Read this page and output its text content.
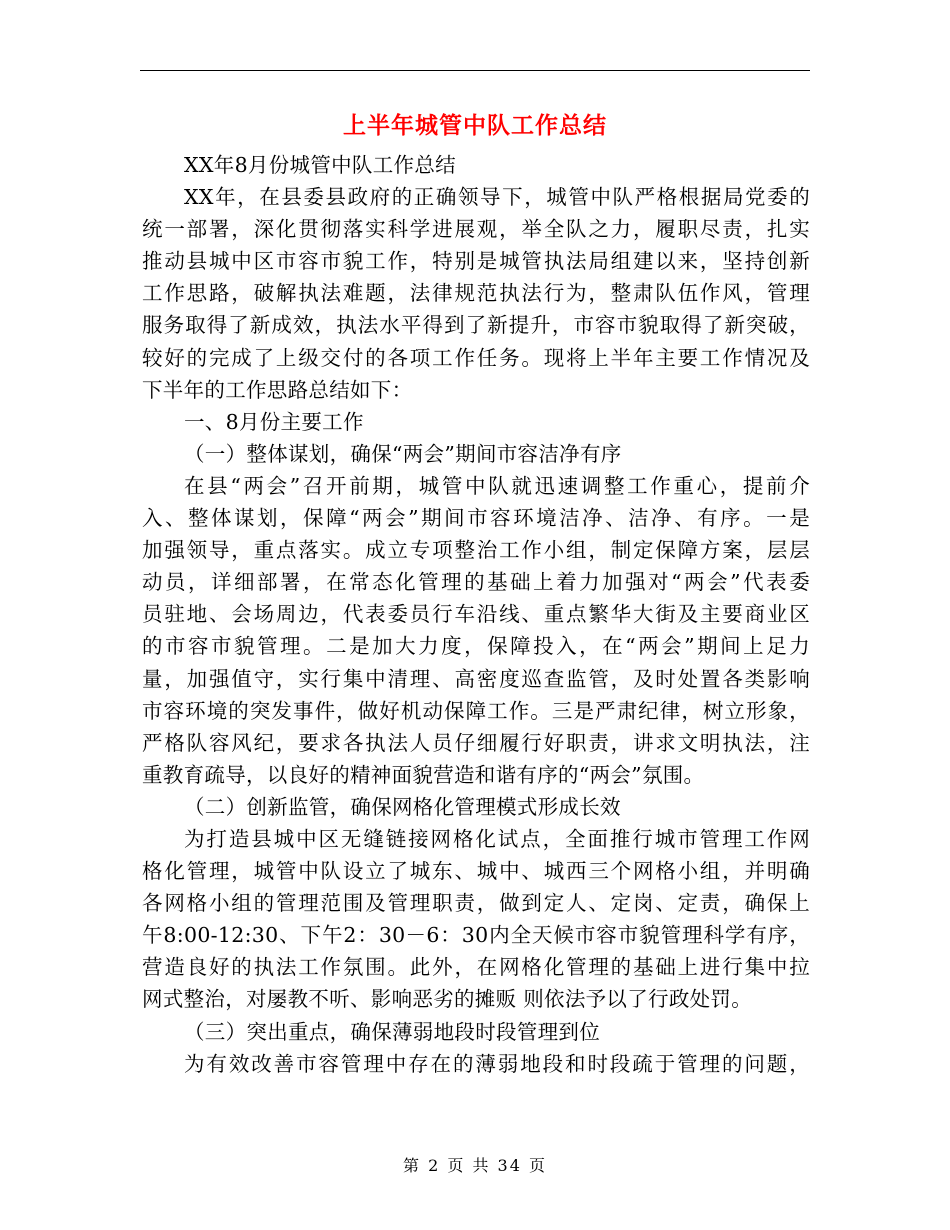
上半年城管中队工作总结
XX年8月份城管中队工作总结
XX年，在县委县政府的正确领导下，城管中队严格根据局党委的
统一部署，深化贯彻落实科学进展观，举全队之力，履职尽责，扎实
推动县城中区市容市貌工作，特别是城管执法局组建以来，坚持创新
工作思路，破解执法难题，法律规范执法行为，整肃队伍作风，管理
服务取得了新成效，执法水平得到了新提升，市容市貌取得了新突破，
较好的完成了上级交付的各项工作任务。现将上半年主要工作情况及
下半年的工作思路总结如下：
一、8月份主要工作
（一）整体谋划，确保“两会”期间市容洁净有序
在县“两会”召开前期，城管中队就迅速调整工作重心，提前介
入、整体谋划，保障“两会”期间市容环境洁净、洁净、有序。一是
加强领导，重点落实。成立专项整治工作小组，制定保障方案，层层
动员，详细部署，在常态化管理的基础上着力加强对“两会”代表委
员驻地、会场周边，代表委员行车沿线、重点繁华大街及主要商业区
的市容市貌管理。二是加大力度，保障投入，在“两会”期间上足力
量，加强值守，实行集中清理、高密度巡查监管，及时处置各类影响
市容环境的突发事件，做好机动保障工作。三是严肃纪律，树立形象，
严格队容风纪，要求各执法人员仔细履行好职责，讲求文明执法，注
重教育疏导，以良好的精神面貌营造和谐有序的“两会”氛围。
（二）创新监管，确保网格化管理模式形成长效
为打造县城中区无缝链接网格化试点，全面推行城市管理工作网
格化管理，城管中队设立了城东、城中、城西三个网格小组，并明确
各网格小组的管理范围及管理职责，做到定人、定岗、定责，确保上
午8:00-12:30、下午2：30－6：30内全天候市容市貌管理科学有序，
营造良好的执法工作氛围。此外，在网格化管理的基础上进行集中拉
网式整治，对屡教不听、影响恶劣的摊贩 则依法予以了行政处罚。
（三）突出重点，确保薄弱地段时段管理到位
为有效改善市容管理中存在的薄弱地段和时段疏于管理的问题，
第 2 页 共 34 页
